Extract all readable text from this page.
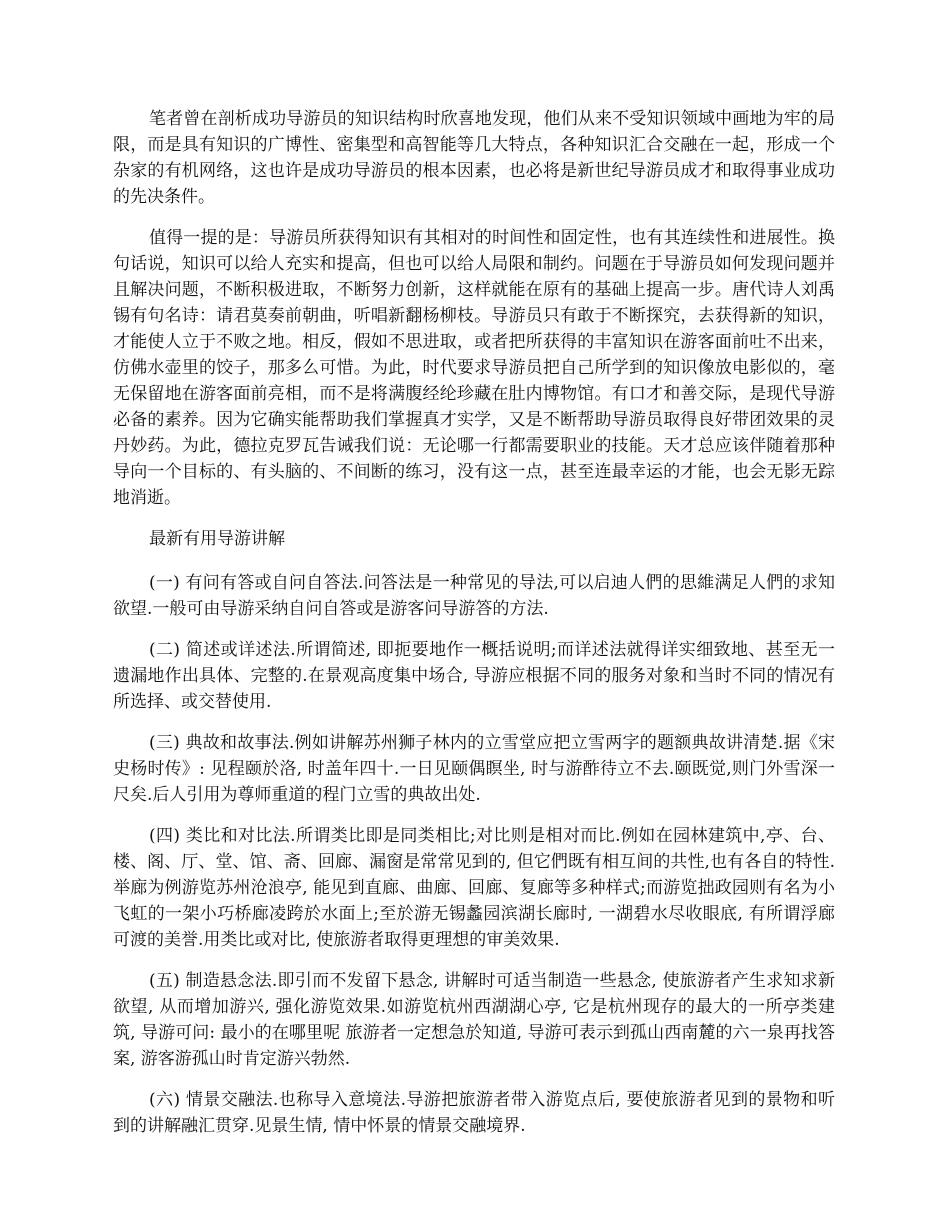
笔者曾在剖析成功导游员的知识结构时欣喜地发现，他们从来不受知识领域中画地为牢的局限，而是具有知识的广博性、密集型和高智能等几大特点，各种知识汇合交融在一起，形成一个杂家的有机网络，这也许是成功导游员的根本因素，也必将是新世纪导游员成才和取得事业成功的先决条件。

值得一提的是：导游员所获得知识有其相对的时间性和固定性，也有其连续性和进展性。换句话说，知识可以给人充实和提高，但也可以给人局限和制约。问题在于导游员如何发现问题并且解决问题，不断积极进取，不断努力创新，这样就能在原有的基础上提高一步。唐代诗人刘禹锡有句名诗：请君莫奏前朝曲，听唱新翻杨柳枝。导游员只有敢于不断探究，去获得新的知识，才能使人立于不败之地。相反，假如不思进取，或者把所获得的丰富知识在游客面前吐不出来，仿佛水壶里的饺子，那多么可惜。为此，时代要求导游员把自己所学到的知识像放电影似的，毫无保留地在游客面前亮相，而不是将满腹经纶珍藏在肚内博物馆。有口才和善交际，是现代导游必备的素养。因为它确实能帮助我们掌握真才实学，又是不断帮助导游员取得良好带团效果的灵丹妙药。为此，德拉克罗瓦告诫我们说：无论哪一行都需要职业的技能。天才总应该伴随着那种导向一个目标的、有头脑的、不间断的练习，没有这一点，甚至连最幸运的才能，也会无影无踪地消逝。

最新有用导游讲解

(一) 有问有答或自问自答法.问答法是一种常见的导法,可以启迪人們的思維满足人們的求知欲望.一般可由导游采纳自问自答或是游客问导游答的方法.

(二) 简述或详述法.所谓简述, 即扼要地作一概括说明;而详述法就得详实细致地、甚至无一遗漏地作出具体、完整的.在景观高度集中场合, 导游应根据不同的服务对象和当时不同的情况有所选择、或交替使用.

(三) 典故和故事法.例如讲解苏州狮子林内的立雪堂应把立雪两字的题额典故讲清楚.据《宋史杨时传》: 见程颐於洛, 时盖年四十.一日见颐偶瞑坐, 时与游酢待立不去.颐既觉,则门外雪深一尺矣.后人引用为尊师重道的程门立雪的典故出处.

(四) 类比和对比法.所谓类比即是同类相比;对比则是相对而比.例如在园林建筑中,亭、台、楼、阁、厅、堂、馆、斋、回廊、漏窗是常常见到的, 但它們既有相互间的共性,也有各自的特性.举廊为例游览苏州沧浪亭, 能见到直廊、曲廊、回廊、复廊等多种样式;而游览拙政园则有名为小飞虹的一架小巧桥廊凌跨於水面上;至於游无锡蠡园滨湖长廊时, 一湖碧水尽收眼底, 有所谓浮廊可渡的美誉.用类比或对比, 使旅游者取得更理想的审美效果.

(五) 制造悬念法.即引而不发留下悬念, 讲解时可适当制造一些悬念, 使旅游者产生求知求新欲望, 从而增加游兴, 强化游览效果.如游览杭州西湖湖心亭, 它是杭州现存的最大的一所亭类建筑, 导游可问: 最小的在哪里呢 旅游者一定想急於知道, 导游可表示到孤山西南麓的六一泉再找答案, 游客游孤山时肯定游兴勃然.

(六) 情景交融法.也称导入意境法.导游把旅游者带入游览点后, 要使旅游者见到的景物和听到的讲解融汇贯穿.见景生情, 情中怀景的情景交融境界.
